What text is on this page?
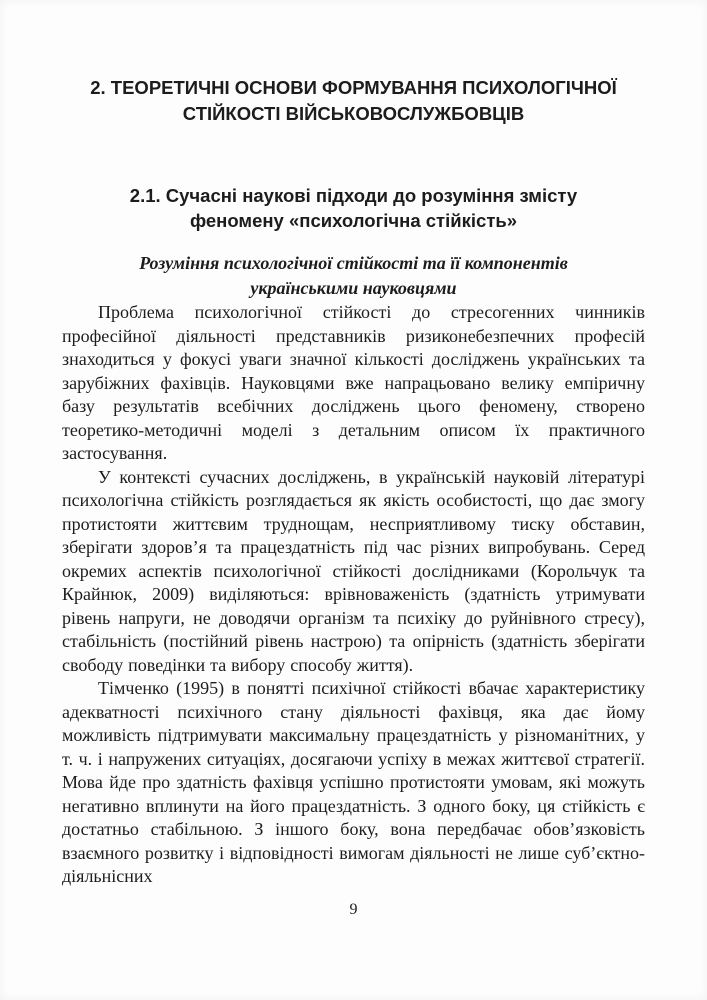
2. ТЕОРЕТИЧНІ ОСНОВИ ФОРМУВАННЯ ПСИХОЛОГІЧНОЇ СТІЙКОСТІ ВІЙСЬКОВОСЛУЖБОВЦІВ
2.1. Сучасні наукові підходи до розуміння змісту феномену «психологічна стійкість»
Розуміння психологічної стійкості та її компонентів українськими науковцями

Проблема психологічної стійкості до стресогенних чинників професійної діяльності представників ризиконебезпечних професій знаходиться у фокусі уваги значної кількості досліджень українських та зарубіжних фахівців. Науковцями вже напрацьовано велику емпіричну базу результатів всебічних досліджень цього феномену, створено теоретико-методичні моделі з детальним описом їх практичного застосування.

У контексті сучасних досліджень, в українській науковій літературі психологічна стійкість розглядається як якість особистості, що дає змогу протистояти життєвим труднощам, несприятливому тиску обставин, зберігати здоров’я та працездатність під час різних випробувань. Серед окремих аспектів психологічної стійкості дослідниками (Корольчук та Крайнюк, 2009) виділяються: врівноваженість (здатність утримувати рівень напруги, не доводячи організм та психіку до руйнівного стресу), стабільність (постійний рівень настрою) та опірність (здатність зберігати свободу поведінки та вибору способу життя).

Тімченко (1995) в понятті психічної стійкості вбачає характеристику адекватності психічного стану діяльності фахівця, яка дає йому можливість підтримувати максимальну працездатність у різноманітних, у т. ч. і напружених ситуаціях, досягаючи успіху в межах життєвої стратегії. Мова йде про здатність фахівця успішно протистояти умовам, які можуть негативно вплинути на його працездатність. З одного боку, ця стійкість є достатньо стабільною. З іншого боку, вона передбачає обов’язковість взаємного розвитку і відповідності вимогам діяльності не лише суб’єктно-діяльнісних

9
